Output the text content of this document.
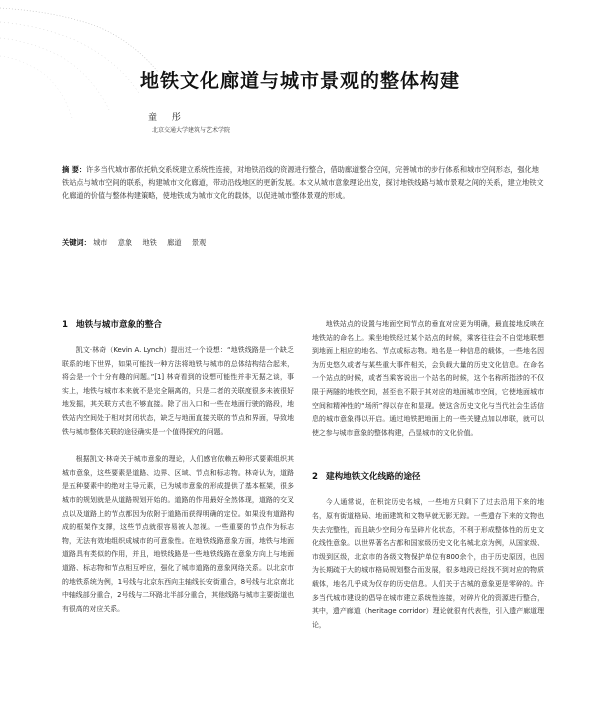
地铁文化廊道与城市景观的整体构建
童 彤
北京交通大学建筑与艺术学院

摘 要：许多当代城市都依托轨交系统建立系统性连接，对地铁沿线的资源进行整合，借助廊道整合空间，完善城市的步行体系和城市空间形态，强化地铁站点与城市空间的联系，构建城市文化廊道，带动沿线地区的更新发展。本文从城市意象理论出发，探讨地铁线路与城市景观之间的关系，建立地铁文化廊道的价值与整体构建策略，使地铁成为城市文化的载体，以促进城市整体景观的形成。

关键词： 城市 意象 地铁 廊道 景观
1 地铁与城市意象的整合

凯文·林奇（Kevin A. Lynch）提出过一个设想：“地铁线路是一个缺乏联系的地下世界，如果可能找一种方法将地铁与城市的总体结构结合起来，将会是一个十分有趣的问题。”[1] 林奇看到的设想可能性并非无据之谈，事实上，地铁与城市本来就不是完全隔离的，只是二者的关联度很多未被很好地发掘，其关联方式也不够直接。除了出入口和一些在地面行驶的路段，地铁站内空间处于相对封闭状态，缺乏与地面直接关联的节点和界面，导致地铁与城市整体关联的途径确实是一个值得探究的问题。

根据凯文·林奇关于城市意象的理论，人们感官依赖五种形式要素组织其城市意象，这些要素是道路、边界、区域、节点和标志物。林奇认为，道路是五种要素中的绝对主导元素，已为城市意象的形成提供了基本框架，很多城市的规划就是从道路规划开始的。道路的作用最好全然体现，道路的交叉点以及道路上的节点都因为依附于道路而获得明确的定位。如果没有道路构成的框架作支撑，这些节点就很容易被人忽视。一些重要的节点作为标志物，无法有效地组织成城市的可意象性。在地铁线路意象方面，地铁与地面道路具有类似的作用，并且，地铁线路是一些地铁线路在意象方向上与地面道路、标志物和节点相互呼应，强化了城市道路的意象网络关系。以北京市的地铁系统为例，1号线与北京东西向主轴线长安街重合，8号线与北京南北中轴线部分重合，2号线与二环路北半部分重合，其他线路与城市主要街道也有很高的对应关系。

地铁站点的设置与地面空间节点的垂直对应更为明确，最直接地反映在地铁站的命名上。乘坐地铁经过某个站点的时候，乘客往往会不自觉地联想到地面上相应的地名、节点或标志物。地名是一种信息的载体，一些地名因为历史悠久或者与某些重大事件相关，会负载大量的历史文化信息。在命名一个站点的时候，或者当乘客说出一个站名的时候，这个名称所指涉的不仅限于两隧的地铁空间，甚至也不限于其对应的地面城市空间，它使地面城市空间和精神性的“场所”得以存在和显现。使这含历史文化与当代社会生活信息的城市意象得以开启。通过地铁把地面上的一些关键点加以串联，就可以使之参与城市意象的整体构建，凸显城市的文化价值。

2 建构地铁文化线路的途径

今人通常说，在积淀历史名城，一些地方只剩下了过去沿用下来的地名，原有街道格局、地面建筑和文物早就无影无踪。一些遗存下来的文物也失去完整性，而且缺少空间分布呈碎片化状态，不利于形成整体性的历史文化线性意象。以世界著名古都和国家级历史文化名城北京为例，从国家级、市级到区级，北京市的各级文物保护单位有800余个，由于历史原因，也因为长期疏于大的城市格局规划整合而发展，很多地段已经找不到对应的物质载体，地名几乎成为仅存的历史信息。人们关于古城的意象更是零碎的。许多当代城市建设的倡导在城市建立系统性连接，对碎片化的资源进行整合，其中，遗产廊道（heritage corridor）理论就很有代表性，引入遗产廊道理论，
